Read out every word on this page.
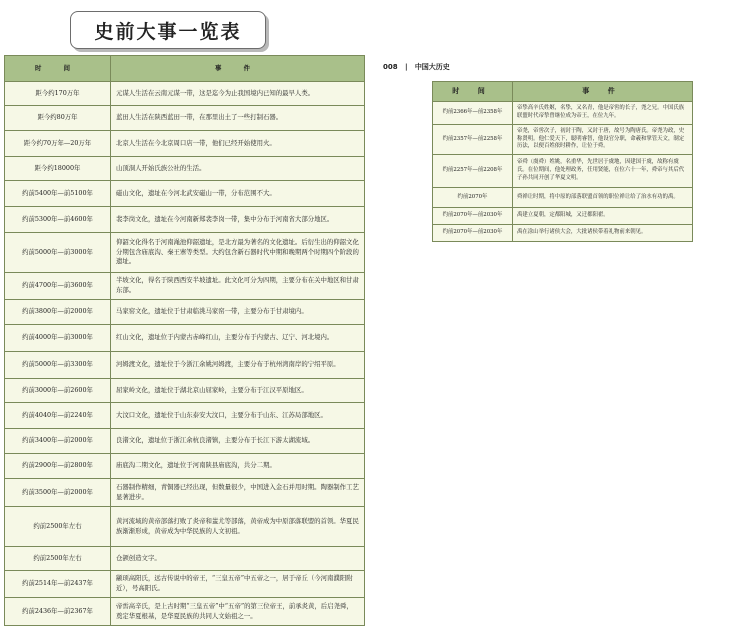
史前大事一览表
008 | 中国大历史
时 间	事 件
距今约170万年	元谋人生活在云南元谋一带，这是迄今为止我国境内已知的最早人类。
距今约80万年	蓝田人生活在陕西蓝田一带，在那里出土了一些打制石器。
距今约70万年—20万年	北京人生活在今北京周口店一带，他们已经开始使用火。
距今约18000年	山顶洞人开始氏族公社的生活。
约前5400年—前5100年	磁山文化，遗址在今河北武安磁山一带，分布范围不大。
约前5300年—前4600年	裴李岗文化，遗址在今河南新郑裴李岗一带，集中分布于河南省大部分地区。
约前5000年—前3000年	仰韶文化得名于河南渑池仰韶遗址，是北方最为著名的文化遗址。后衍生出的仰韶文化分期包含庙底沟、秦王寨等类型。大约包含新石器时代中期和晚期两个时期四个阶段的遗址。
约前4700年—前3600年	半坡文化，得名于陕西西安半坡遗址。此文化可分为四期，主要分布在关中地区和甘肃东部。
约前3800年—前2000年	马家窑文化，遗址位于甘肃临洮马家窑一带，主要分布于甘肃境内。
约前4000年—前3000年	红山文化，遗址位于内蒙古赤峰红山，主要分布于内蒙古、辽宁、河北境内。
约前5000年—前3300年	河姆渡文化，遗址位于今浙江余姚河姆渡，主要分布于杭州湾南岸的宁绍平原。
约前3000年—前2600年	屈家岭文化，遗址位于湖北京山屈家岭，主要分布于江汉平原地区。
约前4040年—前2240年	大汶口文化，遗址位于山东泰安大汶口，主要分布于山东、江苏局部地区。
约前3400年—前2000年	良渚文化，遗址位于浙江余杭良渚镇，主要分布于长江下游太湖流域。
约前2900年—前2800年	庙底沟二期文化，遗址位于河南陕县庙底沟，共分二期。
约前3500年—前2000年	石器制作精细，青铜器已经出现，但数量很少，中国进入金石并用时期。陶器制作工艺显著进步。
约前2500年左右	黄河流域的黄帝部落打败了炎帝和蚩尤等部落，黄帝成为中原部落联盟的首领。华夏民族渐渐形成，黄帝成为中华民族的人文初祖。
约前2500年左右	仓颉创造文字。
约前2514年—前2437年	颛顼高阳氏，远古传说中的帝王，“三皇五帝”中五帝之一，居于帝丘（今河南濮阳附近），号高阳氏。
约前2436年—前2367年	帝喾高辛氏，是上古时期“三皇五帝”中“五帝”的第三位帝王，前承炎黄，后启尧舜，奠定华夏根基，是华夏民族的共同人文始祖之一。
时 间	事 件
约前2366年—前2358年	帝挚高辛氏姓姬，名挚，又名青，他是帝喾的长子，尧之兄。中国氏族联盟时代帝挚曾继位成为帝王，在位九年。
约前2357年—前2258年	帝尧，帝喾次子，初封于陶，又封于唐，故号为陶唐氏。帝尧为政，史称贤明。他仁爱天下，聪明睿智，他设官分职，命羲和掌管天文，制定历法，以便百姓依时耕作，让位于舜。
约前2257年—前2208年	帝舜（虞舜）姓姚，名重华，先世居于虞地，因建国于虞，故称有虞氏。在位期间，他处理政务，任用贤能，在位六十一年，舜帝与其后代子孙共同开创了华夏文明。
约前2070年	舜禅让时期，将中原的部落联盟首领的职位禅让给了治水有功的禹。
约前2070年—前2030年	禹建立夏朝，定都阳城，又迁都阳翟。
约前2070年—前2030年	禹在涂山举行诸侯大会，大批诸侯带着礼物前来朝见。
